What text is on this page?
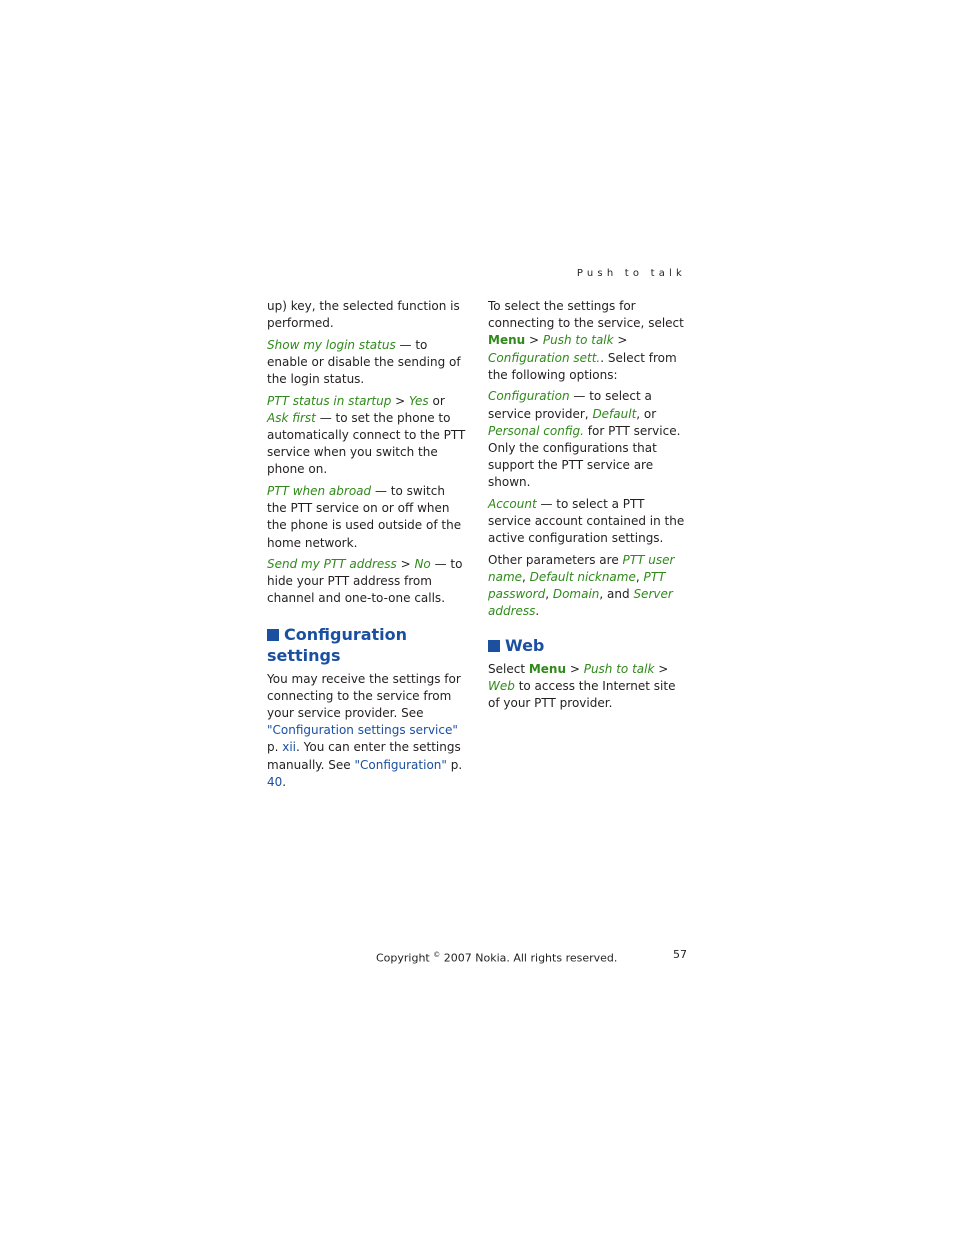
Push to talk

up) key, the selected function is performed.

Show my login status — to enable or disable the sending of the login status.

PTT status in startup > Yes or Ask first — to set the phone to automatically connect to the PTT service when you switch the phone on.

PTT when abroad — to switch the PTT service on or off when the phone is used outside of the home network.

Send my PTT address > No — to hide your PTT address from channel and one-to-one calls.

Configuration settings

You may receive the settings for connecting to the service from your service provider. See "Configuration settings service" p. xii. You can enter the settings manually. See "Configuration" p. 40.

To select the settings for connecting to the service, select Menu > Push to talk > Configuration sett.. Select from the following options:

Configuration — to select a service provider, Default, or Personal config. for PTT service. Only the configurations that support the PTT service are shown.

Account — to select a PTT service account contained in the active configuration settings.

Other parameters are PTT user name, Default nickname, PTT password, Domain, and Server address.

Web

Select Menu > Push to talk > Web to access the Internet site of your PTT provider.

Copyright © 2007 Nokia. All rights reserved.	57
